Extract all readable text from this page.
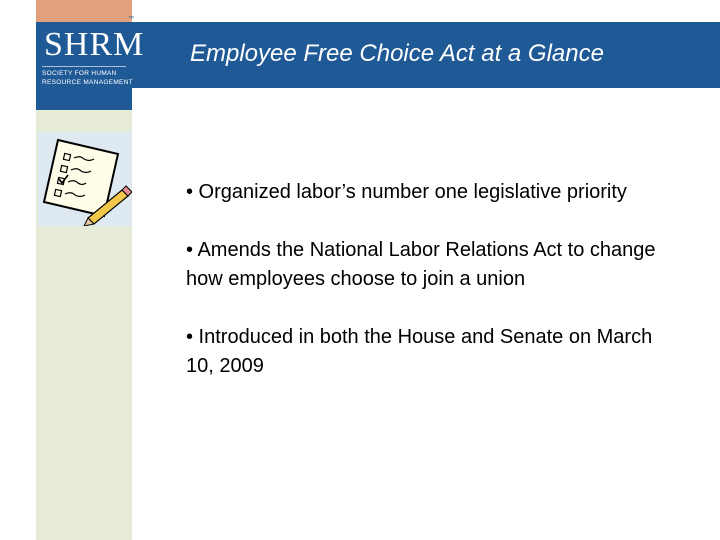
Employee Free Choice Act at a Glance
SHRM
SOCIETY FOR HUMAN
RESOURCE MANAGEMENT
™
• Organized labor’s number one legislative priority
• Amends the National Labor Relations Act to change how employees choose to join a union
• Introduced in both the House and Senate on March 10, 2009
